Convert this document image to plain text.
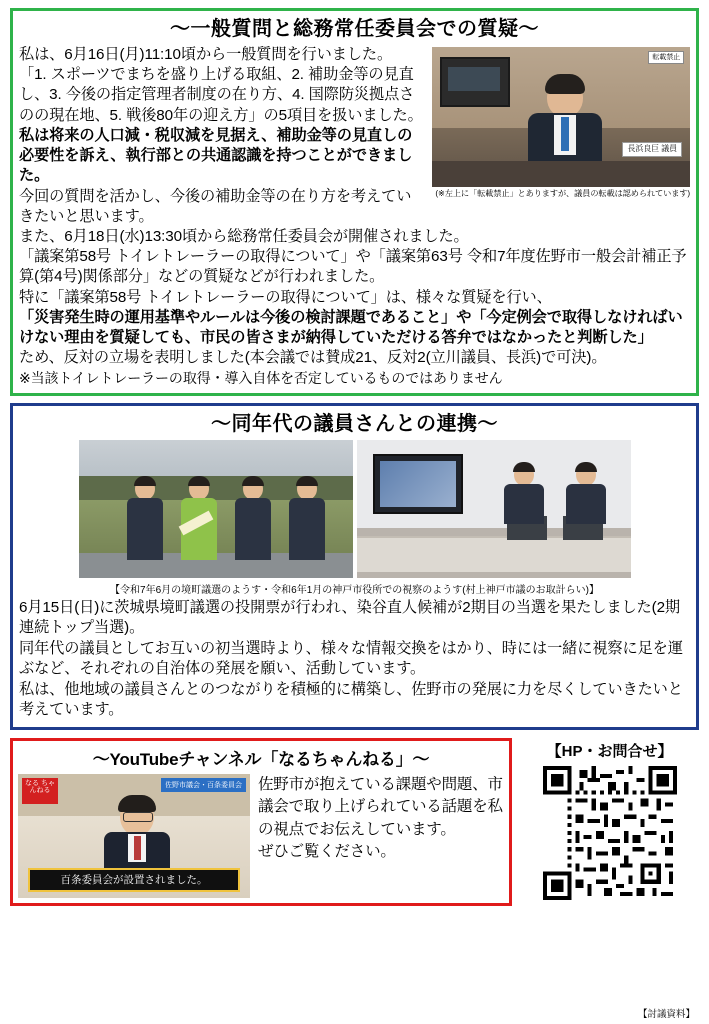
〜一般質問と総務常任委員会での質疑〜
転載禁止
長浜良巨 議員
(※左上に「転載禁止」とありますが、議員の転載は認められています)

私は、6月16日(月)11:10頃から一般質問を行いました。

「1. スポーツでまちを盛り上げる取組、2. 補助金等の見直し、3. 今後の指定管理者制度の在り方、4. 国際防災拠点さのの現在地、5. 戦後80年の迎え方」の5項目を扱いました。

私は将来の人口減・税収減を見据え、補助金等の見直しの必要性を訴え、執行部との共通認識を持つことができました。

今回の質問を活かし、今後の補助金等の在り方を考えていきたいと思います。

また、6月18日(水)13:30頃から総務常任委員会が開催されました。

「議案第58号 トイレトレーラーの取得について」や「議案第63号 令和7年度佐野市一般会計補正予算(第4号)関係部分」などの質疑などが行われました。

特に「議案第58号 トイレトレーラーの取得について」は、様々な質疑を行い、

「災害発生時の運用基準やルールは今後の検討課題であること」や「今定例会で取得しなければいけない理由を質疑しても、市民の皆さまが納得していただける答弁ではなかったと判断した」

ため、反対の立場を表明しました(本会議では賛成21、反対2(立川議員、長浜)で可決)。

※当該トイレトレーラーの取得・導入自体を否定しているものではありません

〜同年代の議員さんとの連携〜
【令和7年6月の境町議選のようす・令和6年1月の神戸市役所での視察のようす(村上神戸市議のお取計らい)】

6月15日(日)に茨城県境町議選の投開票が行われ、染谷直人候補が2期目の当選を果たしました(2期連続トップ当選)。

同年代の議員としてお互いの初当選時より、様々な情報交換をはかり、時には一緒に視察に足を運ぶなど、それぞれの自治体の発展を願い、活動しています。

私は、他地域の議員さんとのつながりを積極的に構築し、佐野市の発展に力を尽くしていきたいと考えています。

〜YouTubeチャンネル「なるちゃんねる」〜
なる ちゃんねる
佐野市議会・百条委員会
百条委員会が設置されました。

佐野市が抱えている課題や問題、市議会で取り上げられている話題を私の視点でお伝えしています。

ぜひご覧ください。

【HP・お問合せ】
【討議資料】
